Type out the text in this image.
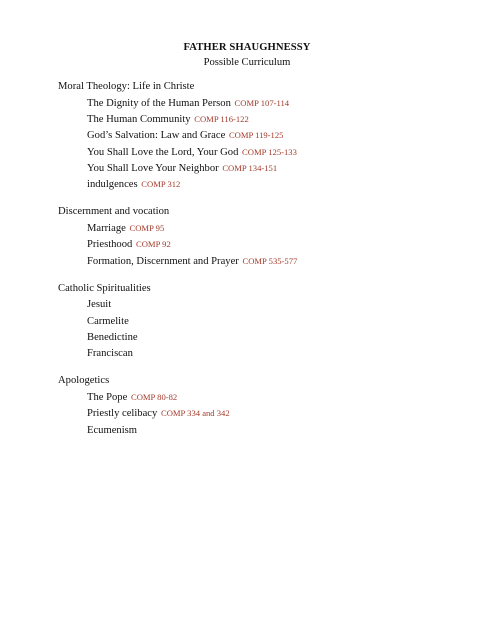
FATHER SHAUGHNESSY
Possible Curriculum
Moral Theology: Life in Christe
The Dignity of the Human Person COMP 107-114
The Human Community COMP 116-122
God’s Salvation: Law and Grace COMP 119-125
You Shall Love the Lord, Your God COMP 125-133
You Shall Love Your Neighbor COMP 134-151
indulgences COMP 312
Discernment and vocation
Marriage COMP 95
Priesthood COMP 92
Formation, Discernment and Prayer COMP 535-577
Catholic Spiritualities
Jesuit
Carmelite
Benedictine
Franciscan
Apologetics
The Pope COMP 80-82
Priestly celibacy COMP 334 and 342
Ecumenism
